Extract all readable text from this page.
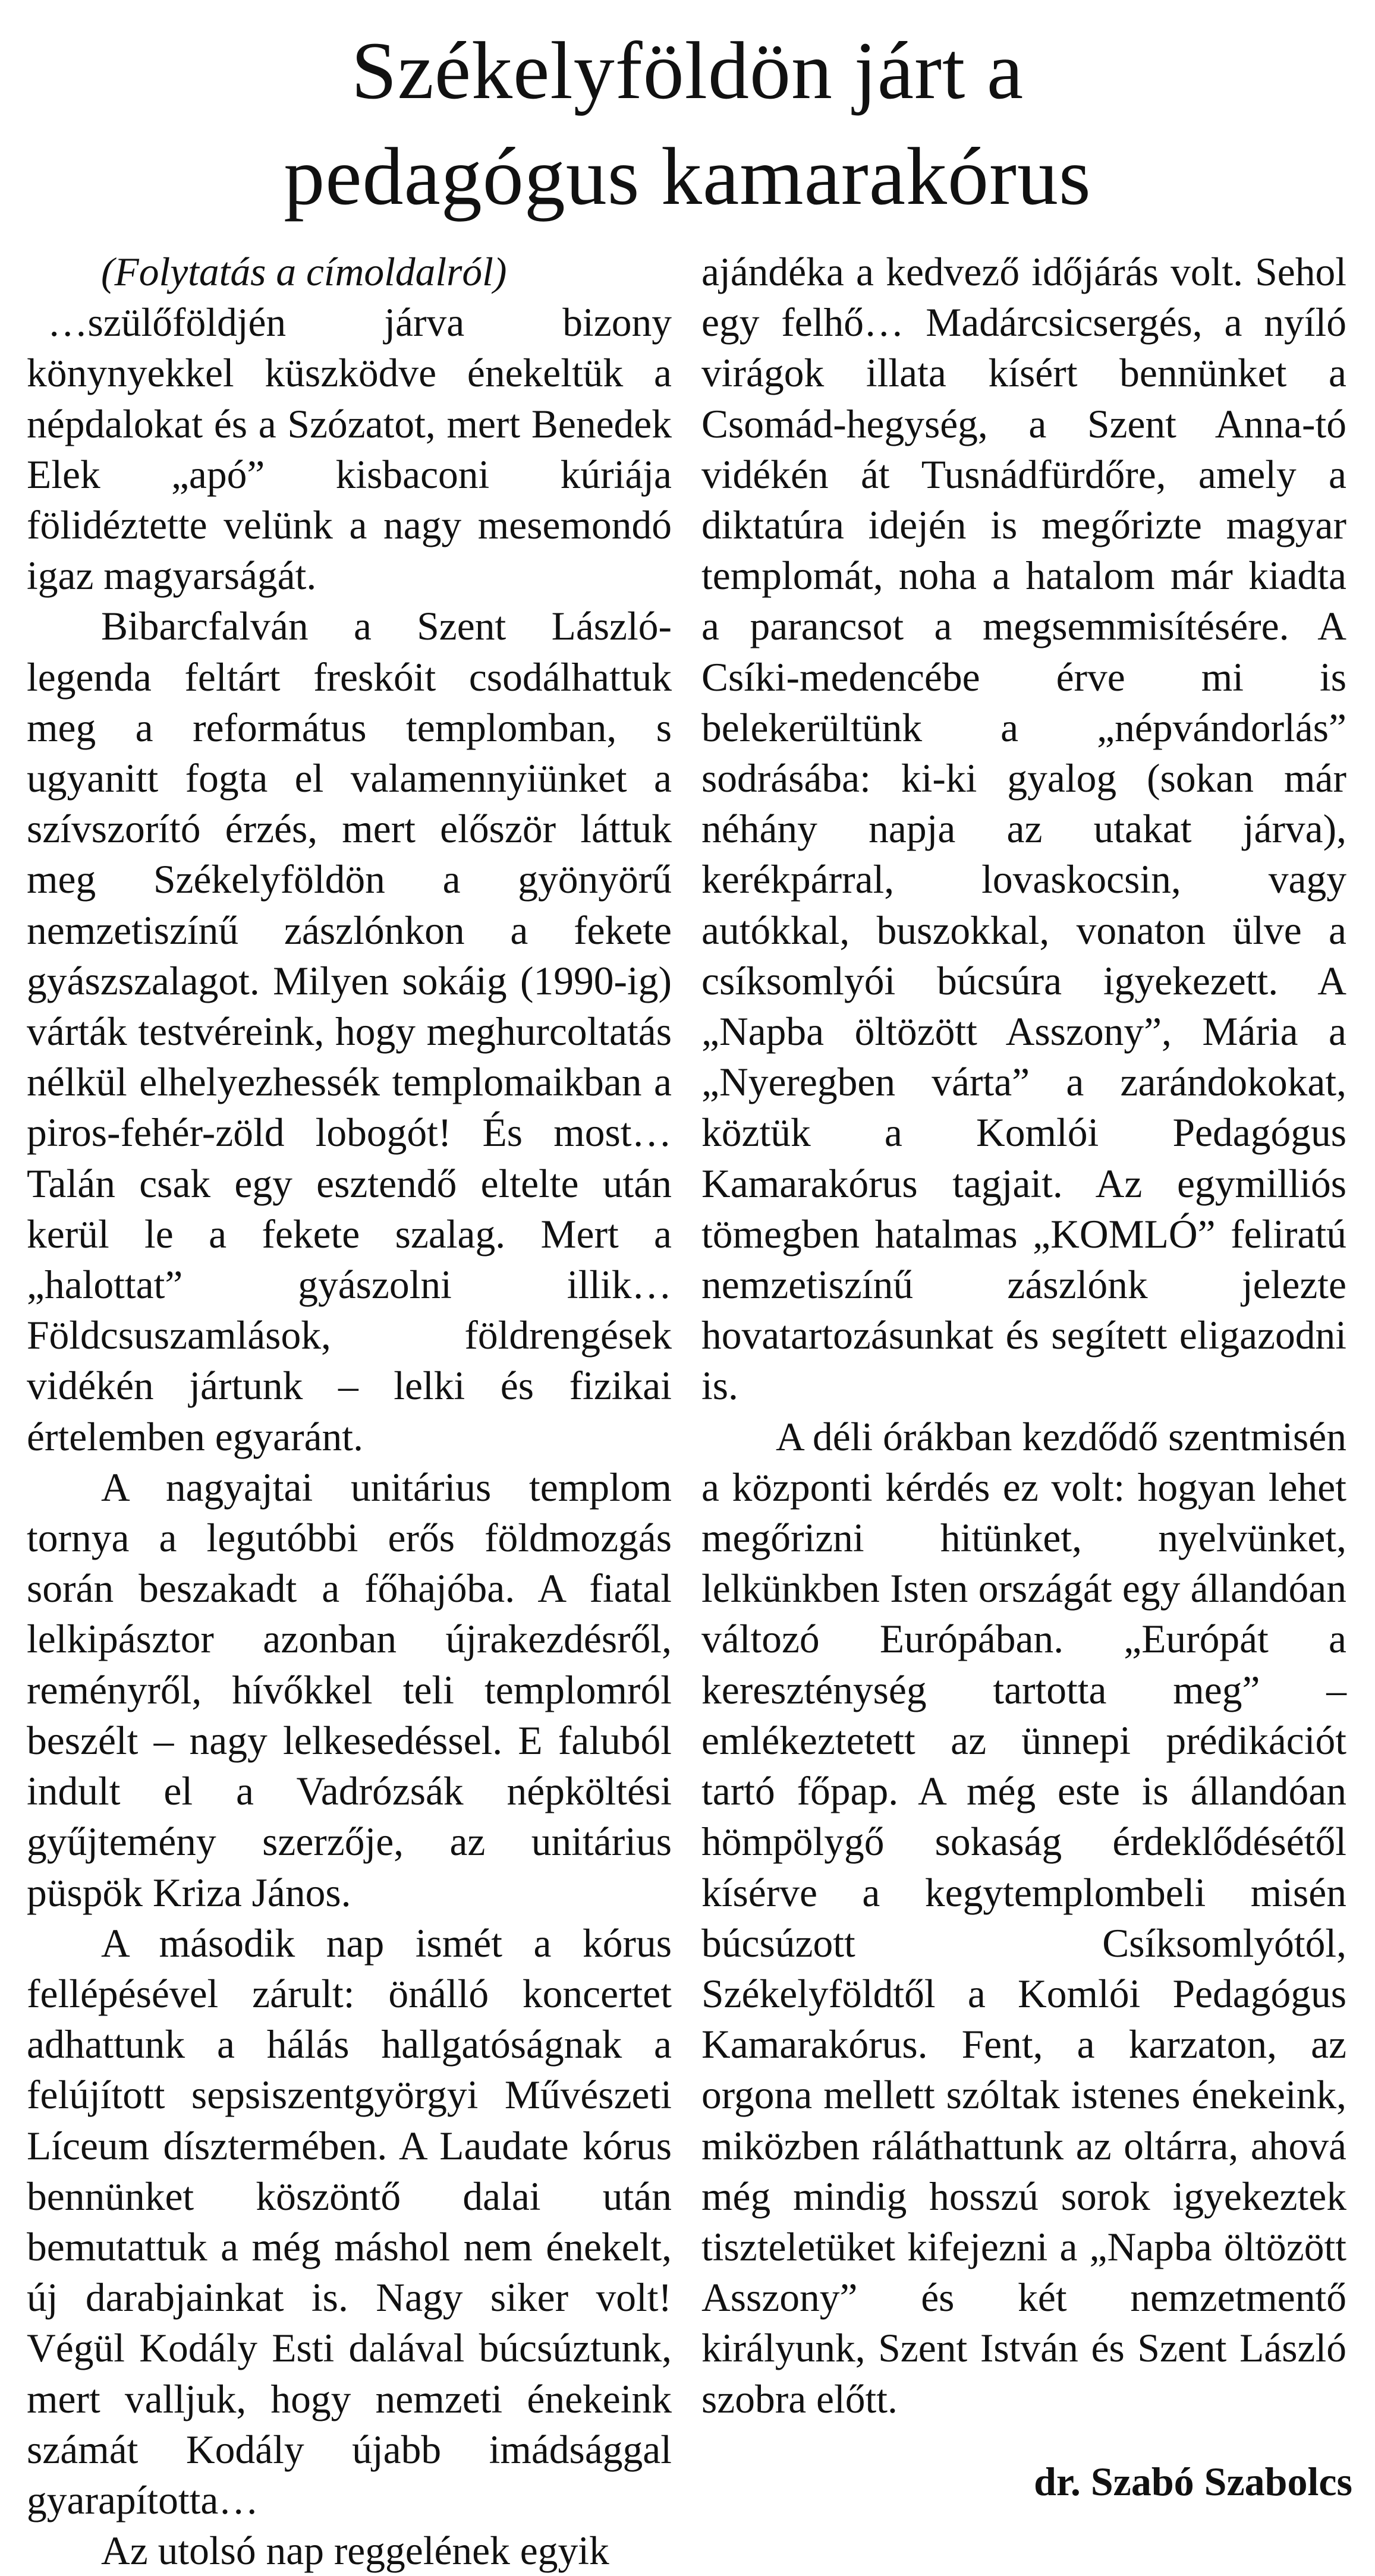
Székelyföldön járt a
pedagógus kamarakórus

(Folytatás a címoldalról)

…szülőföldjén járva bizony könynyekkel küszködve énekeltük a népdalokat és a Szózatot, mert Benedek Elek „apó” kisbaconi kúriája fölidéztette velünk a nagy mesemondó igaz magyarságát.

Bibarcfalván a Szent László-legenda feltárt freskóit csodálhattuk meg a református templomban, s ugyanitt fogta el valamennyiünket a szívszorító érzés, mert először láttuk meg Székelyföldön a gyönyörű nemzetiszínű zászlónkon a fekete gyászszalagot. Milyen sokáig (1990-ig) várták testvéreink, hogy meghurcoltatás nélkül elhelyezhessék templomaikban a piros-fehér-zöld lobogót! És most… Talán csak egy esztendő eltelte után kerül le a fekete szalag. Mert a „halottat” gyászolni illik… Földcsuszamlások, földrengések vidékén jártunk – lelki és fizikai értelemben egyaránt.

A nagyajtai unitárius templom tornya a legutóbbi erős földmozgás során beszakadt a főhajóba. A fiatal lelkipásztor azonban újrakezdésről, reményről, hívőkkel teli templomról beszélt – nagy lelkesedéssel. E faluból indult el a Vadrózsák népköltési gyűjtemény szerzője, az unitárius püspök Kriza János.

A második nap ismét a kórus fellépésével zárult: önálló koncertet adhattunk a hálás hallgatóságnak a felújított sepsiszentgyörgyi Művészeti Líceum dísztermében. A Laudate kórus bennünket köszöntő dalai után bemutattuk a még máshol nem énekelt, új darabjainkat is. Nagy siker volt! Végül Kodály Esti dalával búcsúztunk, mert valljuk, hogy nemzeti énekeink számát Kodály újabb imádsággal gyarapította…

Az utolsó nap reggelének egyik

ajándéka a kedvező időjárás volt. Sehol egy felhő… Madárcsicsergés, a nyíló virágok illata kísért bennünket a Csomád-hegység, a Szent Anna-tó vidékén át Tusnádfürdőre, amely a diktatúra idején is megőrizte magyar templomát, noha a hatalom már kiadta a parancsot a megsemmisítésére. A Csíki-medencébe érve mi is belekerültünk a „népvándorlás” sodrásába: ki-ki gyalog (sokan már néhány napja az utakat járva), kerékpárral, lovaskocsin, vagy autókkal, buszokkal, vonaton ülve a csíksomlyói búcsúra igyekezett. A „Napba öltözött Asszony”, Mária a „Nyeregben várta” a zarándokokat, köztük a Komlói Pedagógus Kamarakórus tagjait. Az egymilliós tömegben hatalmas „KOMLÓ” feliratú nemzetiszínű zászlónk jelezte hovatartozásunkat és segített eligazodni is.

A déli órákban kezdődő szentmisén a központi kérdés ez volt: hogyan lehet megőrizni hitünket, nyelvünket, lelkünkben Isten országát egy állandóan változó Európában. „Európát a kereszténység tartotta meg” – emlékeztetett az ünnepi prédikációt tartó főpap. A még este is állandóan hömpölygő sokaság érdeklődésétől kísérve a kegytemplombeli misén búcsúzott Csíksomlyótól, Székelyföldtől a Komlói Pedagógus Kamarakórus. Fent, a karzaton, az orgona mellett szóltak istenes énekeink, miközben ráláthattunk az oltárra, ahová még mindig hosszú sorok igyekeztek tiszteletüket kifejezni a „Napba öltözött Asszony” és két nemzetmentő királyunk, Szent István és Szent László szobra előtt.

dr. Szabó Szabolcs
